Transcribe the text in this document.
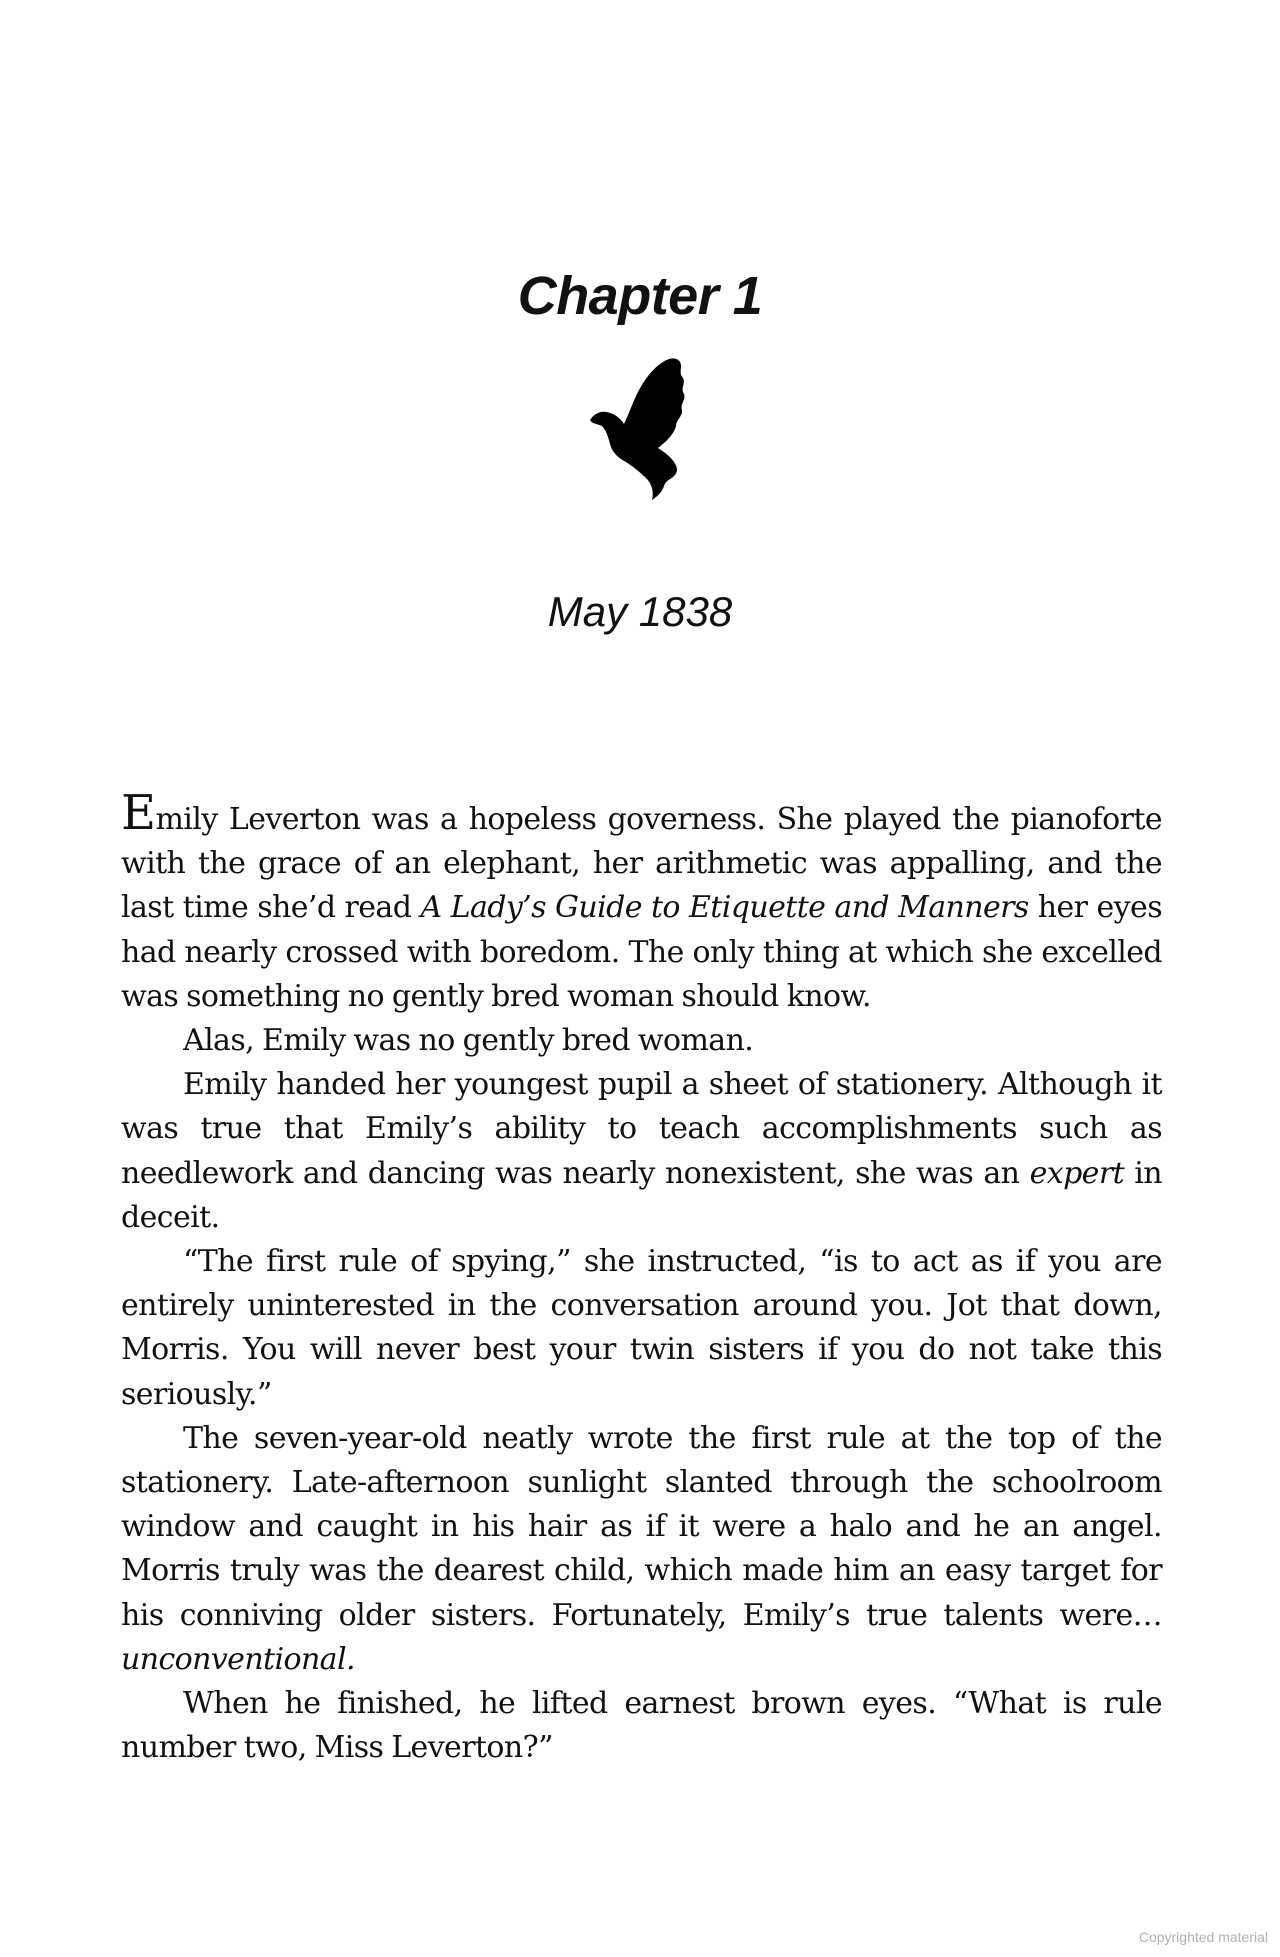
Chapter 1
May 1838

Emily Leverton was a hopeless governess. She played the pianoforte with the grace of an elephant, her arithmetic was appalling, and the last time she’d read A Lady’s Guide to Etiquette and Manners her eyes had nearly crossed with boredom. The only thing at which she excelled was something no gently bred woman should know.

Alas, Emily was no gently bred woman.

Emily handed her youngest pupil a sheet of stationery. Although it was true that Emily’s ability to teach accomplishments such as needlework and dancing was nearly nonexistent, she was an expert in deceit.

“The first rule of spying,” she instructed, “is to act as if you are entirely uninterested in the conversation around you. Jot that down, Morris. You will never best your twin sisters if you do not take this seriously.”

The seven-year-old neatly wrote the first rule at the top of the stationery. Late-afternoon sunlight slanted through the schoolroom window and caught in his hair as if it were a halo and he an angel. Morris truly was the dearest child, which made him an easy target for his conniving older sisters. Fortunately, Emily’s true talents were… unconventional.

When he finished, he lifted earnest brown eyes. “What is rule number two, Miss Leverton?”

Copyrighted material
